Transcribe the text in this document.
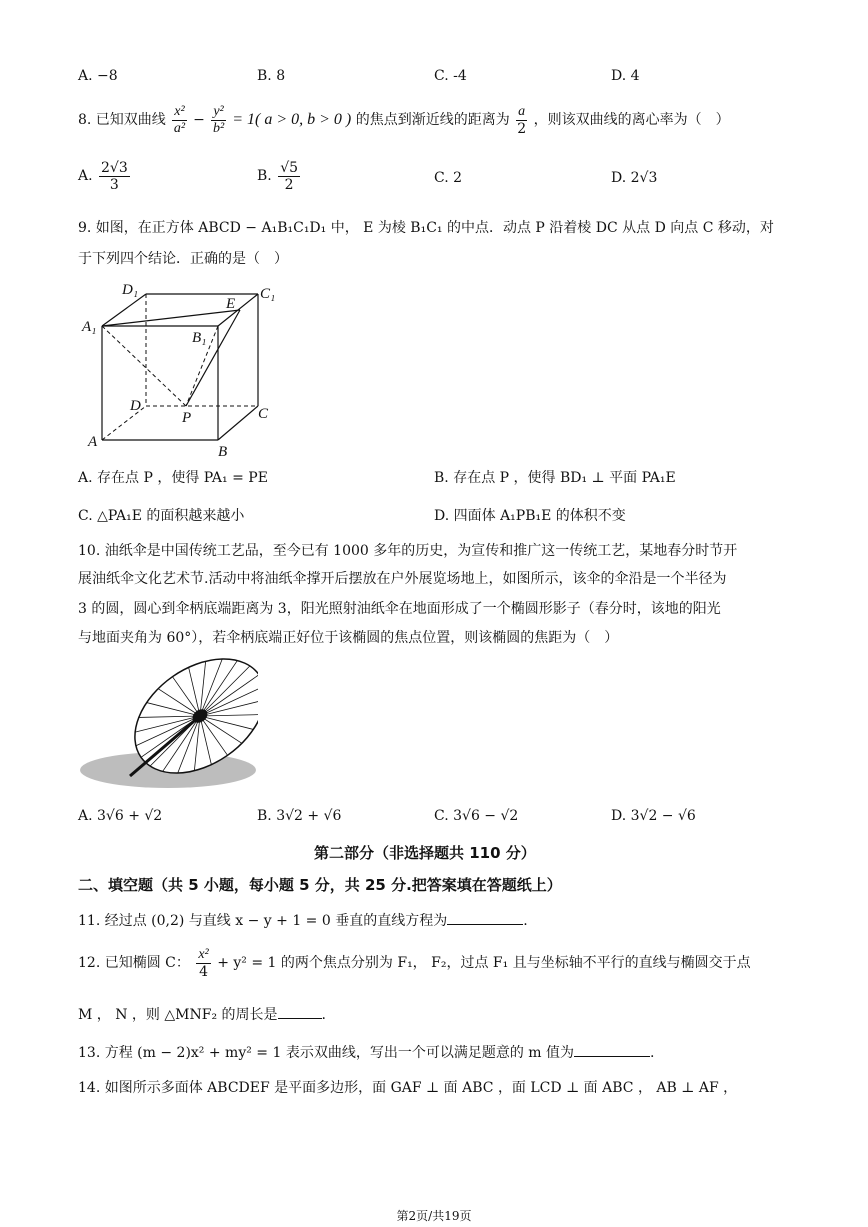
A. −8	B. 8	C. -4	D. 4
8. 已知双曲线 $\frac{\text{x²}}{\text{a²}} - \frac{\text{y²}}{\text{b²}} = 1$( a > 0, b > 0 ) 的焦点到渐近线的距离为 $\frac{a}{2}$ ，则该双曲线的离心率为（　）
A. $\frac{2√3}{3}$	B. $\frac{√5}{2}$	C. 2	D. 2√3
9. 如图，在正方体 ABCD − A₁B₁C₁D₁ 中， E 为棱 B₁C₁ 的中点．动点 P 沿着棱 DC 从点 D 向点 C 移动，对
于下列四个结论．正确的是（　）
D₁	C₁
A₁
B₁
E
D	C
P
A
B
A. 存在点 P ，使得 PA₁ = PE	B. 存在点 P ，使得 BD₁ ⊥ 平面 PA₁E
C. △PA₁E 的面积越来越小	D. 四面体 A₁PB₁E 的体积不变
10. 油纸伞是中国传统工艺品，至今已有 1000 多年的历史，为宣传和推广这一传统工艺，某地春分时节开
展油纸伞文化艺术节.活动中将油纸伞撑开后摆放在户外展览场地上，如图所示，该伞的伞沿是一个半径为
3 的圆，圆心到伞柄底端距离为 3，阳光照射油纸伞在地面形成了一个椭圆形影子（春分时，该地的阳光
与地面夹角为 60°），若伞柄底端正好位于该椭圆的焦点位置，则该椭圆的焦距为（　）
A. 3√6 + √2	B. 3√2 + √6	C. 3√6 − √2	D. 3√2 − √6
第二部分（非选择题共 110 分）
二、填空题（共 5 小题，每小题 5 分，共 25 分.把答案填在答题纸上）
11. 经过点 (0,2) 与直线 x − y + 1 = 0 垂直的直线方程为	.
12. 已知椭圆 C： $\frac{\text{x²}}{4} + y^2 = 1$ 的两个焦点分别为 F₁， F₂，过点 F₁ 且与坐标轴不平行的直线与椭圆交于点
M ， N ，则 △MNF₂ 的周长是	.
13. 方程 (m − 2)x² + my² = 1 表示双曲线，写出一个可以满足题意的 m 值为	.
14. 如图所示多面体 ABCDEF 是平面多边形，面 GAF ⊥ 面 ABC ，面 LCD ⊥ 面 ABC ， AB ⊥ AF ，
第2页/共19页
